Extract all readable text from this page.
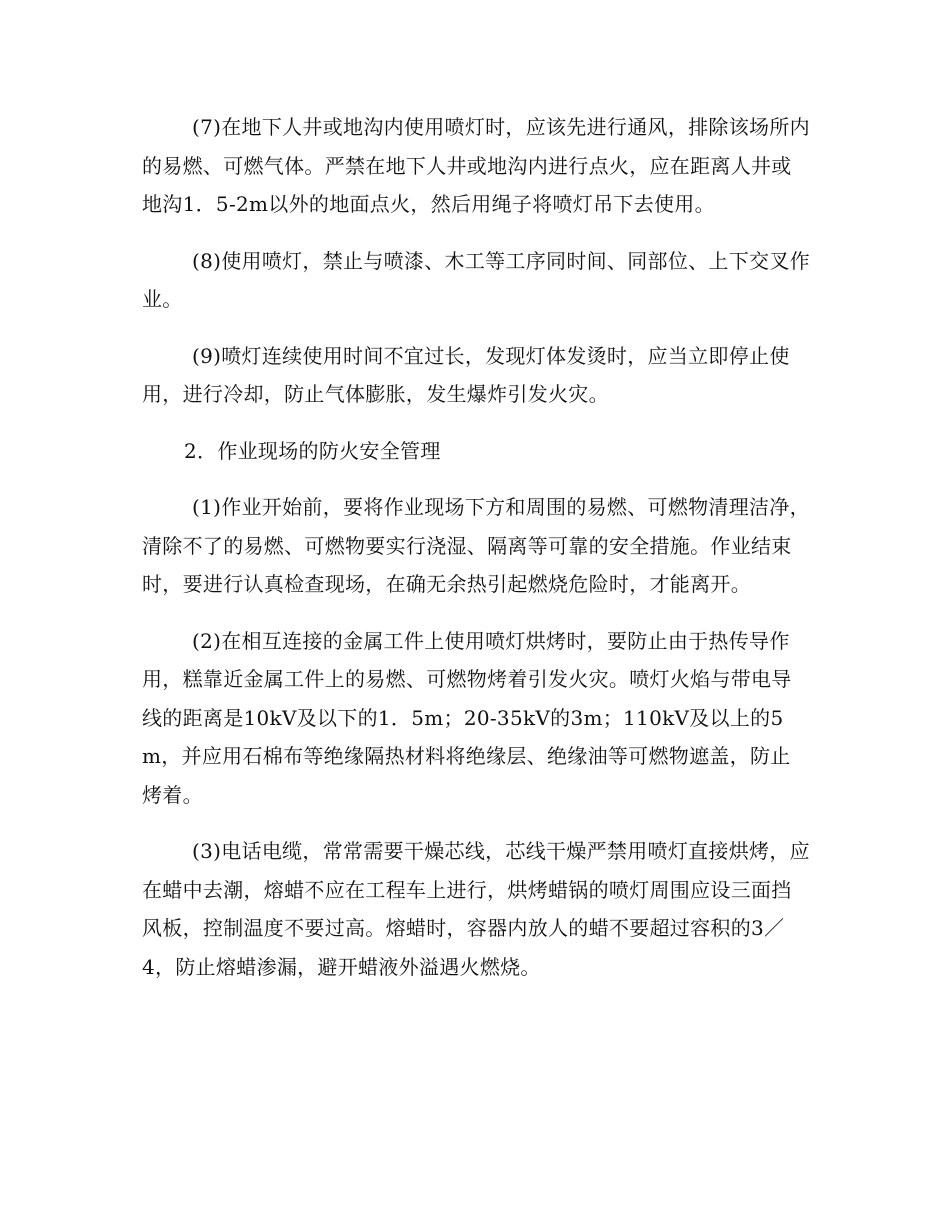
(7)在地下人井或地沟内使用喷灯时，应该先进行通风，排除该场所内的易燃、可燃气体。严禁在地下人井或地沟内进行点火，应在距离人井或地沟1．5-2m以外的地面点火，然后用绳子将喷灯吊下去使用。

(8)使用喷灯，禁止与喷漆、木工等工序同时间、同部位、上下交叉作业。

(9)喷灯连续使用时间不宜过长，发现灯体发烫时，应当立即停止使用，进行冷却，防止气体膨胀，发生爆炸引发火灾。

2．作业现场的防火安全管理

(1)作业开始前，要将作业现场下方和周围的易燃、可燃物清理洁净，清除不了的易燃、可燃物要实行浇湿、隔离等可靠的安全措施。作业结束时，要进行认真检查现场，在确无余热引起燃烧危险时，才能离开。

(2)在相互连接的金属工件上使用喷灯烘烤时，要防止由于热传导作用，糕靠近金属工件上的易燃、可燃物烤着引发火灾。喷灯火焰与带电导线的距离是10kV及以下的1．5m；20-35kV的3m；110kV及以上的5m，并应用石棉布等绝缘隔热材料将绝缘层、绝缘油等可燃物遮盖，防止烤着。

(3)电话电缆，常常需要干燥芯线，芯线干燥严禁用喷灯直接烘烤，应在蜡中去潮，熔蜡不应在工程车上进行，烘烤蜡锅的喷灯周围应设三面挡风板，控制温度不要过高。熔蜡时，容器内放人的蜡不要超过容积的3／4，防止熔蜡渗漏，避开蜡液外溢遇火燃烧。
